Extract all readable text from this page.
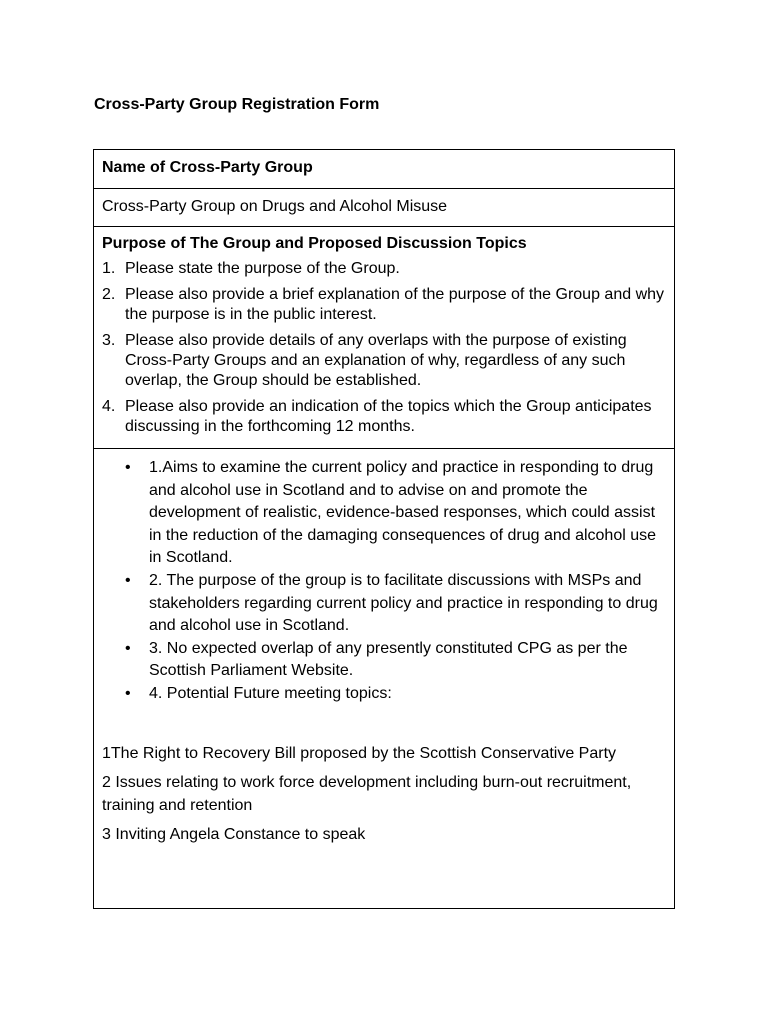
Cross-Party Group Registration Form
Name of Cross-Party Group
Cross-Party Group on Drugs and Alcohol Misuse
Purpose of The Group and Proposed Discussion Topics
1. Please state the purpose of the Group.
2. Please also provide a brief explanation of the purpose of the Group and why the purpose is in the public interest.
3. Please also provide details of any overlaps with the purpose of existing Cross-Party Groups and an explanation of why, regardless of any such overlap, the Group should be established.
4. Please also provide an indication of the topics which the Group anticipates discussing in the forthcoming 12 months.
•	1.Aims to examine the current policy and practice in responding to drug and alcohol use in Scotland and to advise on and promote the development of realistic, evidence-based responses, which could assist in the reduction of the damaging consequences of drug and alcohol use in Scotland.
•	2. The purpose of the group is to facilitate discussions with MSPs and stakeholders regarding current policy and practice in responding to drug and alcohol use in Scotland.
•	3. No expected overlap of any presently constituted CPG as per the Scottish Parliament Website.
•	4. Potential Future meeting topics:

1The Right to Recovery Bill proposed by the Scottish Conservative Party

2 Issues relating to work force development including burn-out recruitment, training and retention

3 Inviting Angela Constance to speak
